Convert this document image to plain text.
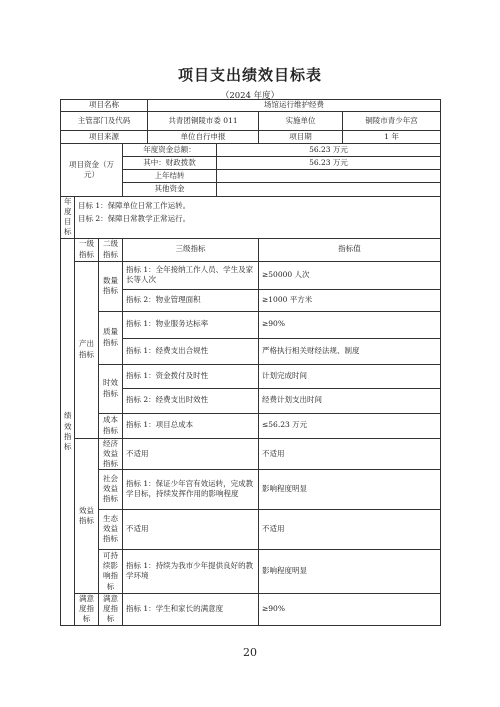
项目支出绩效目标表
（2024 年度）
项目名称				场馆运行维护经费			
主管部门及代码				共青团铜陵市委 011		实施单位	铜陵市青少年宫
项目来源				单位自行申报		项目期	1 年
项目资金（万元）			年度资金总额：		56.23 万元		
			其中：财政拨款		56.23 万元		
			上年结转				
			其他资金				
年度目标	目标 1：保障单位日常工作运转。
目标 2：保障日常教学正常运行。						

绩效指标	一级指标	二级指标	三级指标			指标值	
	产出指标	数量指标	指标 1：全年接纳工作人员、学生及家长等人次			≥50000 人次	
			指标 2：物业管理面积			≥1000 平方米	
		质量指标	指标 1：物业服务达标率			≥90%	
			指标 1：经费支出合规性			严格执行相关财经法规、制度	
		时效指标	指标 1：资金拨付及时性			计划完成时间	
			指标 2：经费支出时效性			经费计划支出时间	
		成本指标	指标 1：项目总成本			≤56.23 万元	
	效益指标	经济效益指标	不适用			不适用	
		社会效益指标	指标 1：保证少年宫有效运转，完成教学目标，持续发挥作用的影响程度			影响程度明显	
		生态效益指标	不适用			不适用	
		可持续影响指标	指标 1：持续为我市少年提供良好的教学环境			影响程度明显	
	满意度指标	满意度指标	指标 1：学生和家长的满意度			≥90%	
20
